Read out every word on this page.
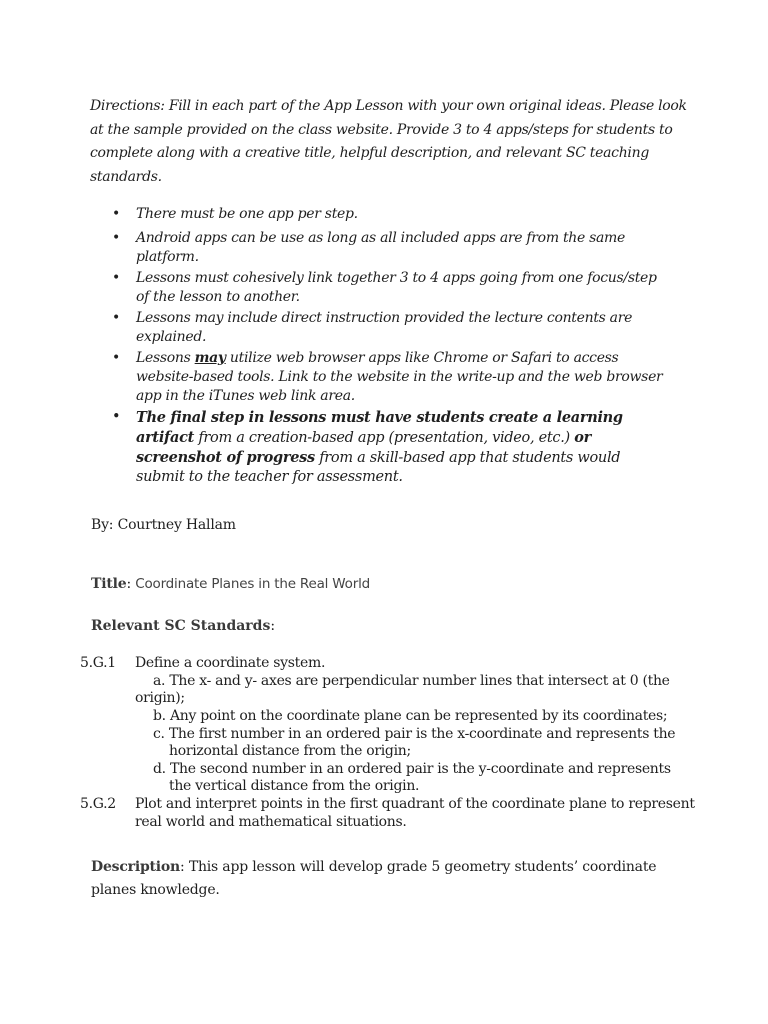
Directions: Fill in each part of the App Lesson with your own original ideas. Please look at the sample provided on the class website. Provide 3 to 4 apps/steps for students to complete along with a creative title, helpful description, and relevant SC teaching standards.
• There must be one app per step.
• Android apps can be use as long as all included apps are from the same platform.
• Lessons must cohesively link together 3 to 4 apps going from one focus/step of the lesson to another.
• Lessons may include direct instruction provided the lecture contents are explained.
• Lessons may utilize web browser apps like Chrome or Safari to access website-based tools. Link to the website in the write-up and the web browser app in the iTunes web link area.
• The final step in lessons must have students create a learning artifact from a creation-based app (presentation, video, etc.) or screenshot of progress from a skill-based app that students would submit to the teacher for assessment.
By: Courtney Hallam
Title: Coordinate Planes in the Real World
Relevant SC Standards:
5.G.1 Define a coordinate system.
a. The x- and y- axes are perpendicular number lines that intersect at 0 (the
origin);
b. Any point on the coordinate plane can be represented by its coordinates;
c. The first number in an ordered pair is the x-coordinate and represents the
horizontal distance from the origin;
d. The second number in an ordered pair is the y-coordinate and represents
the vertical distance from the origin.
5.G.2 Plot and interpret points in the first quadrant of the coordinate plane to represent real world and mathematical situations.
Description: This app lesson will develop grade 5 geometry students’ coordinate planes knowledge.
